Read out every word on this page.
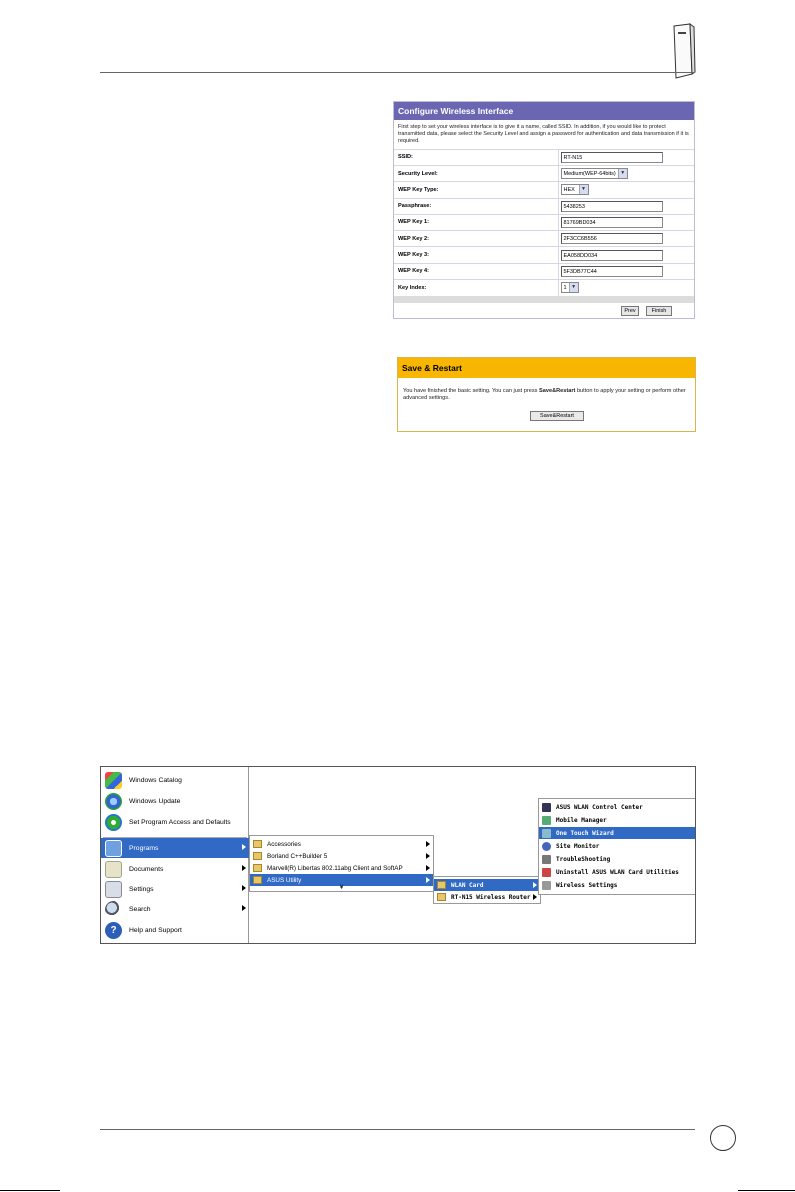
Configure Wireless Interface
First step to set your wireless interface is to give it a name, called SSID. In addition, if you would like to protect transmitted data, please select the Security Level and assign a password for authentication and data transmission if it is required.
SSID:	RT-N15
Security Level:	Medium(WEP-64bits) ▼

WEP Key Type:	HEX ▼

Passphrase:	5438253
WEP Key 1:	81769BD034
WEP Key 2:	2F3CC6B556
WEP Key 3:	EA058DD034
WEP Key 4:	5F3DB77C44
Key Index:	1 ▼
Prev	Finish
Save & Restart
You have finished the basic setting. You can just press Save&Restart button to apply your setting or perform other advanced settings.
Save&Restart
Windows Catalog
Windows Update
Set Program Access and Defaults
Programs
Documents
Settings
Search
?	Help and Support
Accessories
Borland C++Builder 5
Marvell(R) Libertas 802.11abg Client and SoftAP
ASUS Utility
¥	WLAN Card
RT-N15 Wireless Router
ASUS WLAN Control Center
Mobile Manager
One Touch Wizard
Site Monitor
TroubleShooting
Uninstall ASUS WLAN Card Utilities
Wireless Settings
